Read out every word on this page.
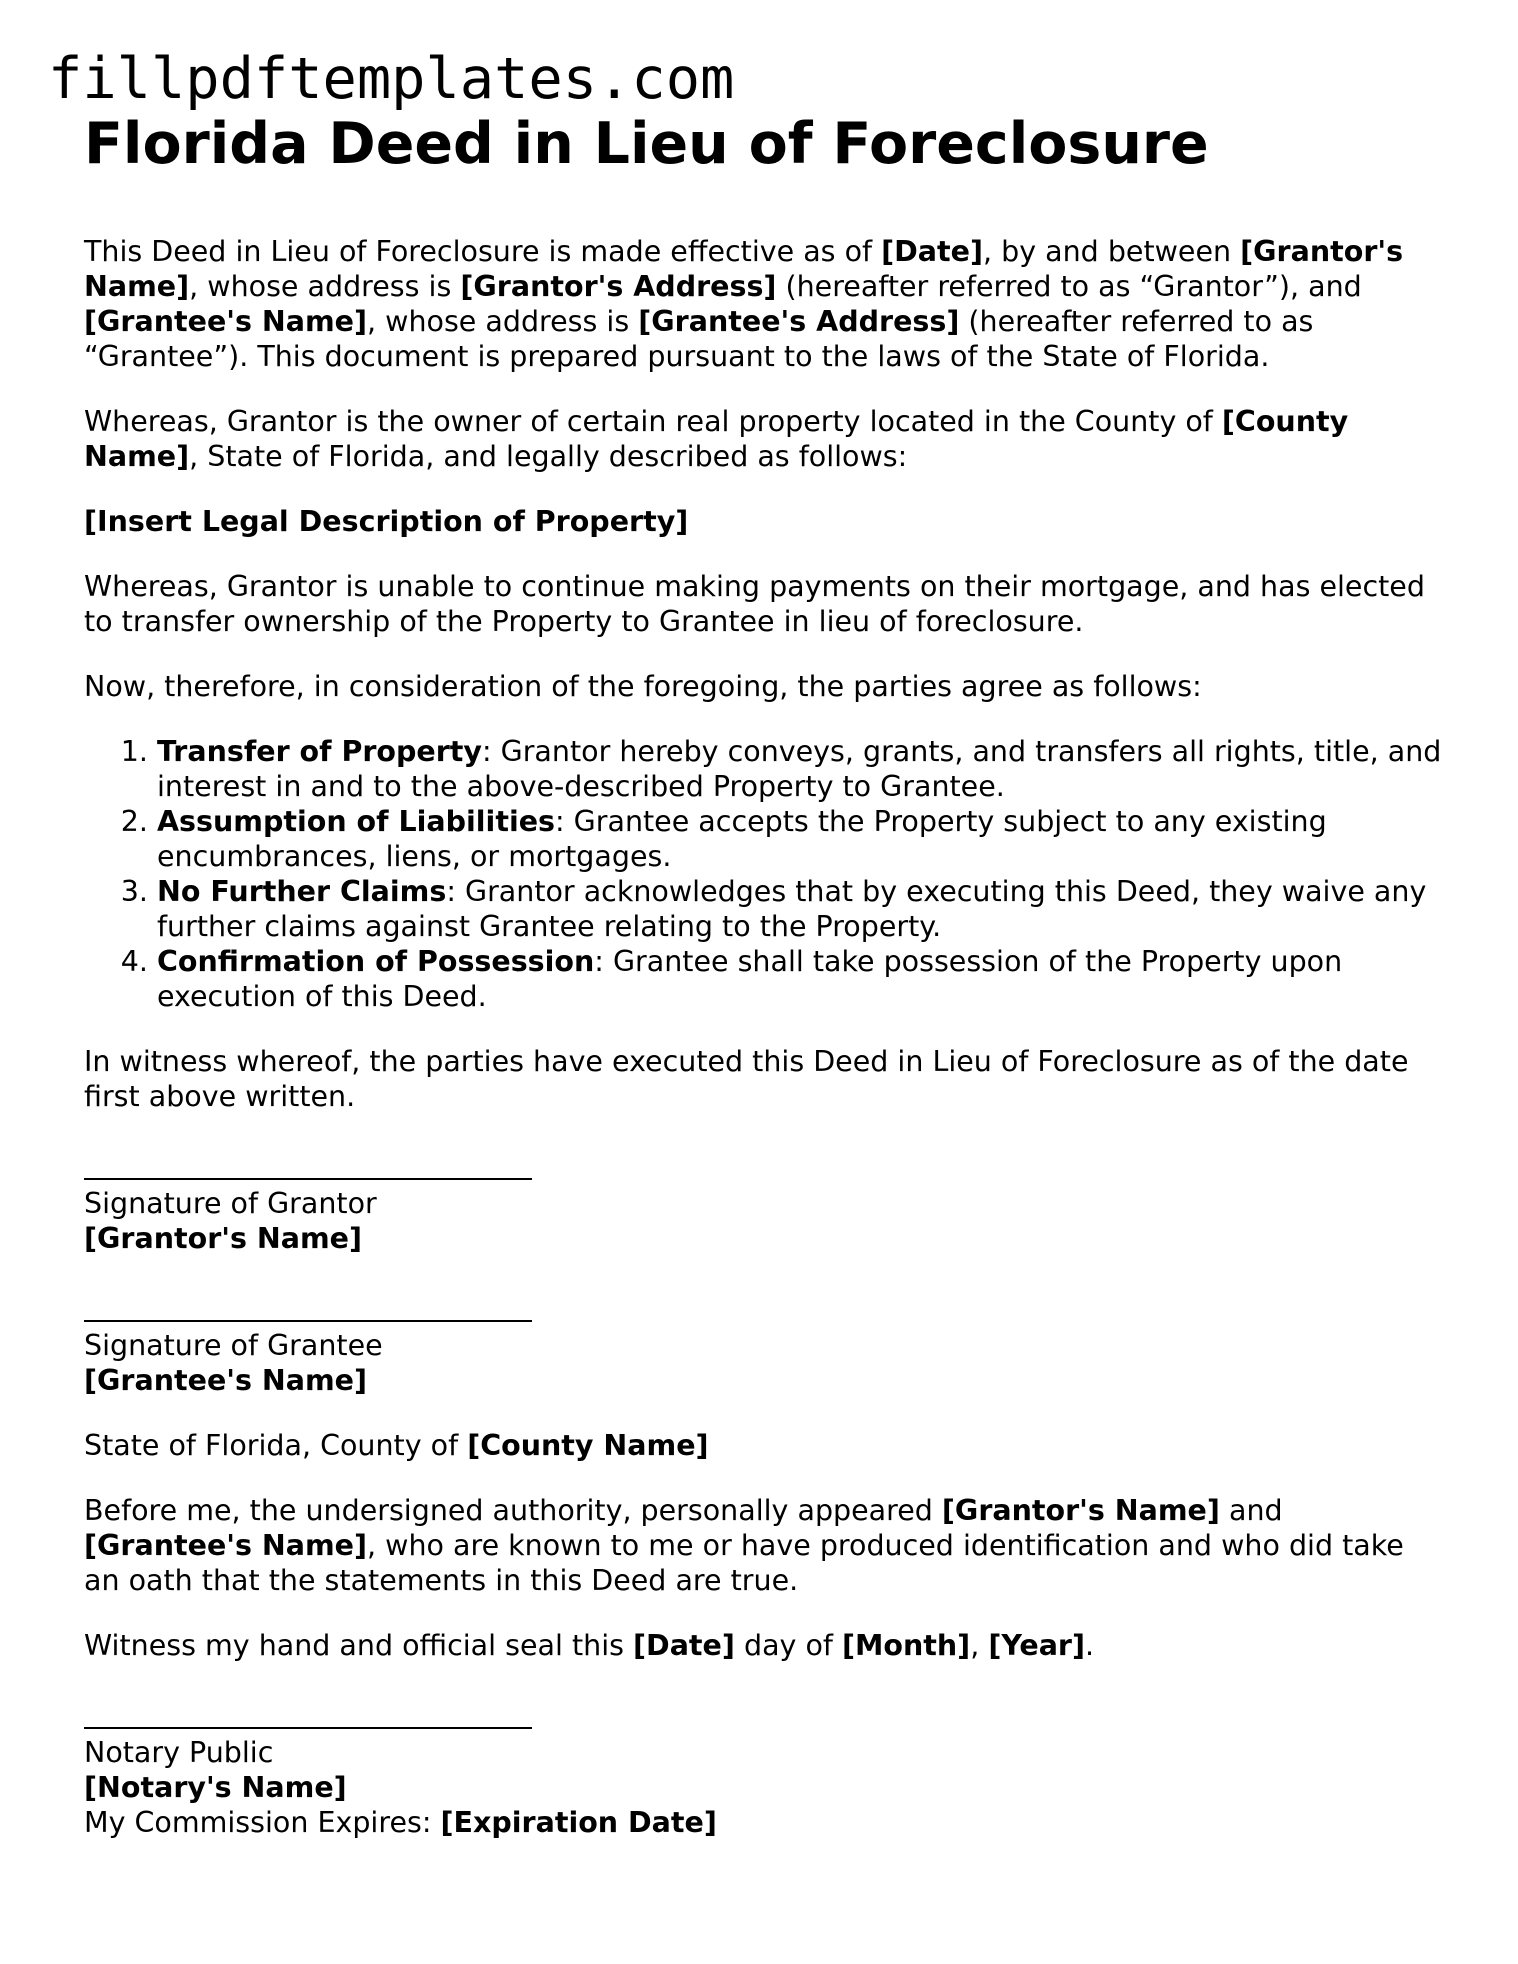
fillpdftemplates.com
Florida Deed in Lieu of Foreclosure

This Deed in Lieu of Foreclosure is made effective as of [Date], by and between [Grantor's Name], whose address is [Grantor's Address] (hereafter referred to as “Grantor”), and [Grantee's Name], whose address is [Grantee's Address] (hereafter referred to as “Grantee”). This document is prepared pursuant to the laws of the State of Florida.

Whereas, Grantor is the owner of certain real property located in the County of [County Name], State of Florida, and legally described as follows:

[Insert Legal Description of Property]

Whereas, Grantor is unable to continue making payments on their mortgage, and has elected to transfer ownership of the Property to Grantee in lieu of foreclosure.

Now, therefore, in consideration of the foregoing, the parties agree as follows:

1. Transfer of Property: Grantor hereby conveys, grants, and transfers all rights, title, and interest in and to the above-described Property to Grantee.
2. Assumption of Liabilities: Grantee accepts the Property subject to any existing encumbrances, liens, or mortgages.
3. No Further Claims: Grantor acknowledges that by executing this Deed, they waive any further claims against Grantee relating to the Property.
4. Confirmation of Possession: Grantee shall take possession of the Property upon execution of this Deed.

In witness whereof, the parties have executed this Deed in Lieu of Foreclosure as of the date first above written.

Signature of Grantor

[Grantor's Name]

Signature of Grantee

[Grantee's Name]

State of Florida, County of [County Name]

Before me, the undersigned authority, personally appeared [Grantor's Name] and [Grantee's Name], who are known to me or have produced identification and who did take an oath that the statements in this Deed are true.

Witness my hand and official seal this [Date] day of [Month], [Year].

Notary Public

[Notary's Name]

My Commission Expires: [Expiration Date]
